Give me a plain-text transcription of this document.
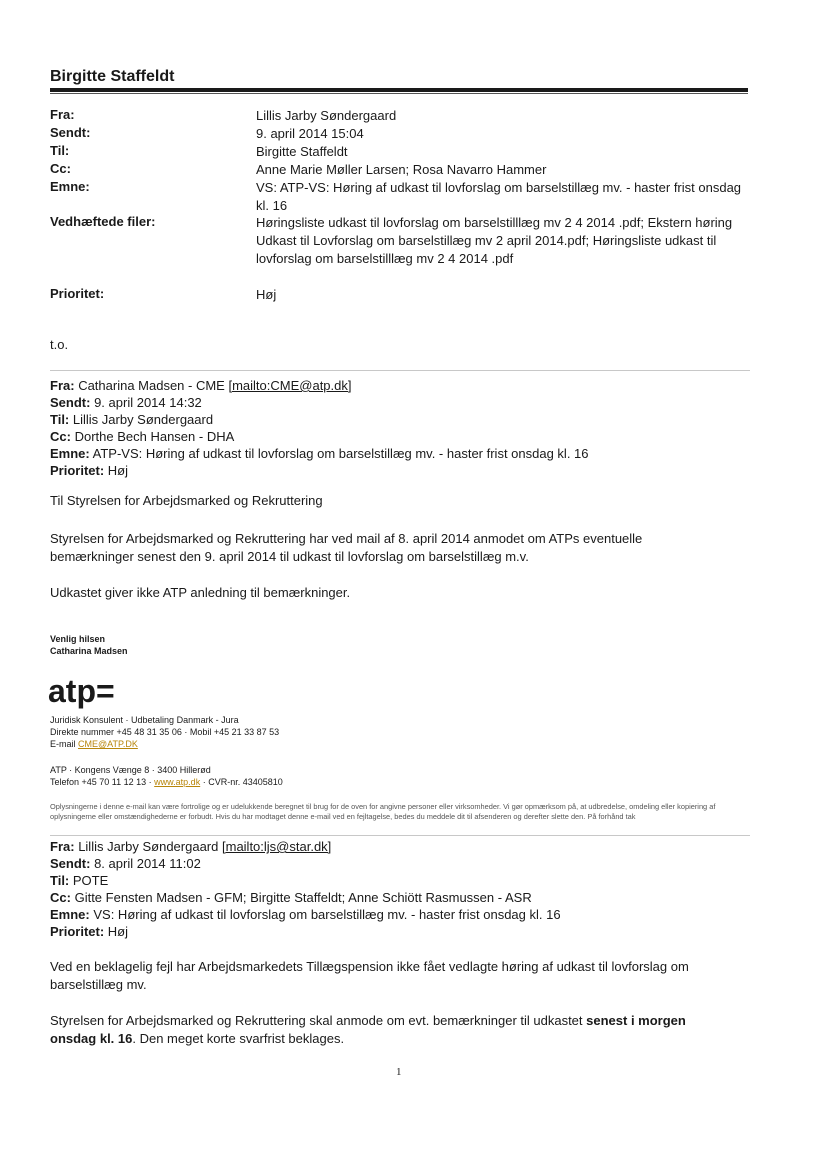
Birgitte Staffeldt
Fra:	Lillis Jarby Søndergaard
Sendt:	9. april 2014 15:04
Til:	Birgitte Staffeldt
Cc:	Anne Marie Møller Larsen; Rosa Navarro Hammer
Emne:	VS: ATP-VS: Høring af udkast til lovforslag om barselstillæg mv. - haster frist onsdag kl. 16
Vedhæftede filer:	Høringsliste udkast til lovforslag om barselstilllæg mv 2 4 2014 .pdf; Ekstern høring Udkast til Lovforslag om barselstillæg mv 2 april 2014.pdf; Høringsliste udkast til lovforslag om barselstilllæg mv 2 4 2014 .pdf
Prioritet:	Høj
t.o.
Fra: Catharina Madsen - CME [mailto:CME@atp.dk]
Sendt: 9. april 2014 14:32
Til: Lillis Jarby Søndergaard
Cc: Dorthe Bech Hansen - DHA
Emne: ATP-VS: Høring af udkast til lovforslag om barselstillæg mv. - haster frist onsdag kl. 16
Prioritet: Høj
Til Styrelsen for Arbejdsmarked og Rekruttering
Styrelsen for Arbejdsmarked og Rekruttering har ved mail af 8. april 2014 anmodet om ATPs eventuelle bemærkninger senest den 9. april 2014 til udkast til lovforslag om barselstillæg m.v.
Udkastet giver ikke ATP anledning til bemærkninger.
Venlig hilsen
Catharina Madsen
atp=
Juridisk Konsulent · Udbetaling Danmark - Jura
Direkte nummer +45 48 31 35 06 · Mobil +45 21 33 87 53
E-mail CME@ATP.DK
ATP · Kongens Vænge 8 · 3400 Hillerød
Telefon +45 70 11 12 13 · www.atp.dk · CVR-nr. 43405810
Oplysningerne i denne e-mail kan være fortrolige og er udelukkende beregnet til brug for de oven for angivne personer eller virksomheder. Vi gør opmærksom på, at udbredelse, omdeling eller kopiering af oplysningerne eller omstændighederne er forbudt. Hvis du har modtaget denne e-mail ved en fejltagelse, bedes du meddele dit til afsenderen og derefter slette den. På forhånd tak
Fra: Lillis Jarby Søndergaard [mailto:ljs@star.dk]
Sendt: 8. april 2014 11:02
Til: POTE
Cc: Gitte Fensten Madsen - GFM; Birgitte Staffeldt; Anne Schiött Rasmussen - ASR
Emne: VS: Høring af udkast til lovforslag om barselstillæg mv. - haster frist onsdag kl. 16
Prioritet: Høj
Ved en beklagelig fejl har Arbejdsmarkedets Tillægspension ikke fået vedlagte høring af udkast til lovforslag om barselstillæg mv.
Styrelsen for Arbejdsmarked og Rekruttering skal anmode om evt. bemærkninger til udkastet senest i morgen onsdag kl. 16. Den meget korte svarfrist beklages.
1
